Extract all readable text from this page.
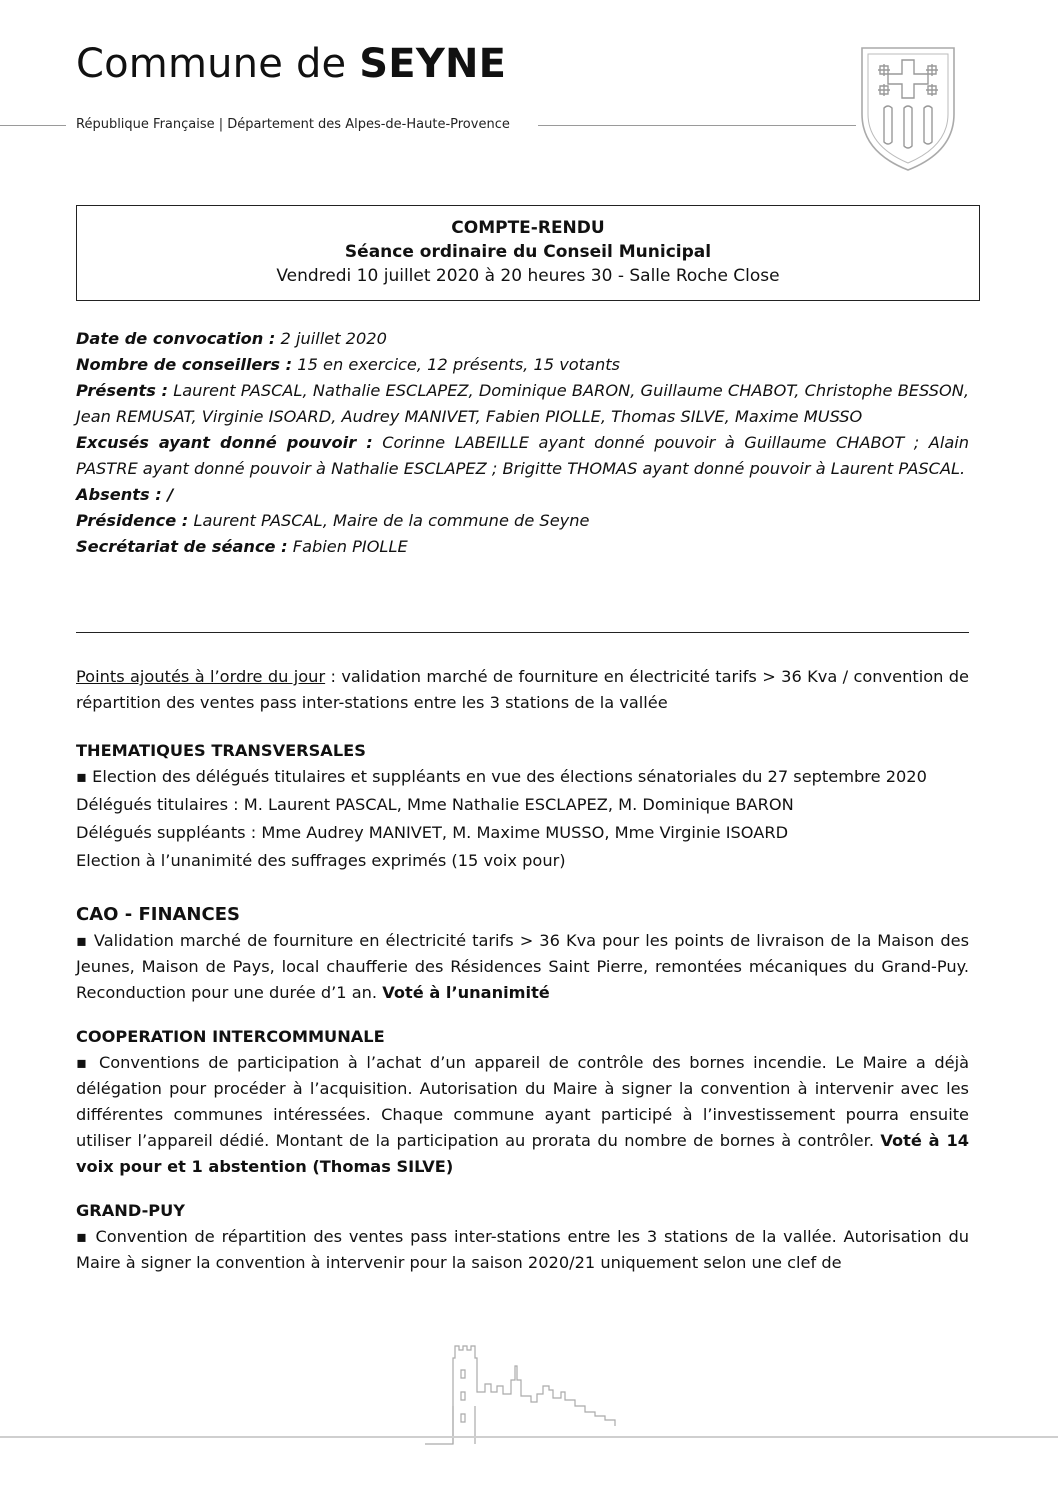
Commune de SEYNE
République Française | Département des Alpes-de-Haute-Provence
COMPTE-RENDU
Séance ordinaire du Conseil Municipal
Vendredi 10 juillet 2020 à 20 heures 30 - Salle Roche Close
Date de convocation : 2 juillet 2020
Nombre de conseillers : 15 en exercice, 12 présents, 15 votants
Présents : Laurent PASCAL, Nathalie ESCLAPEZ, Dominique BARON, Guillaume CHABOT, Christophe BESSON, Jean REMUSAT, Virginie ISOARD, Audrey MANIVET, Fabien PIOLLE, Thomas SILVE, Maxime MUSSO
Excusés ayant donné pouvoir : Corinne LABEILLE ayant donné pouvoir à Guillaume CHABOT ; Alain PASTRE ayant donné pouvoir à Nathalie ESCLAPEZ ; Brigitte THOMAS ayant donné pouvoir à Laurent PASCAL.
Absents : /
Présidence : Laurent PASCAL, Maire de la commune de Seyne
Secrétariat de séance : Fabien PIOLLE

Points ajoutés à l’ordre du jour : validation marché de fourniture en électricité tarifs > 36 Kva / convention de répartition des ventes pass inter-stations entre les 3 stations de la vallée

THEMATIQUES TRANSVERSALES

▪ Election des délégués titulaires et suppléants en vue des élections sénatoriales du 27 septembre 2020

Délégués titulaires : M. Laurent PASCAL, Mme Nathalie ESCLAPEZ, M. Dominique BARON

Délégués suppléants : Mme Audrey MANIVET, M. Maxime MUSSO, Mme Virginie ISOARD

Election à l’unanimité des suffrages exprimés (15 voix pour)

CAO - FINANCES

▪ Validation marché de fourniture en électricité tarifs > 36 Kva pour les points de livraison de la Maison des Jeunes, Maison de Pays, local chaufferie des Résidences Saint Pierre, remontées mécaniques du Grand-Puy. Reconduction pour une durée d’1 an. Voté à l’unanimité

COOPERATION INTERCOMMUNALE

▪ Conventions de participation à l’achat d’un appareil de contrôle des bornes incendie. Le Maire a déjà délégation pour procéder à l’acquisition. Autorisation du Maire à signer la convention à intervenir avec les différentes communes intéressées. Chaque commune ayant participé à l’investissement pourra ensuite utiliser l’appareil dédié. Montant de la participation au prorata du nombre de bornes à contrôler. Voté à 14 voix pour et 1 abstention (Thomas SILVE)

GRAND-PUY

▪ Convention de répartition des ventes pass inter-stations entre les 3 stations de la vallée. Autorisation du Maire à signer la convention à intervenir pour la saison 2020/21 uniquement selon une clef de
